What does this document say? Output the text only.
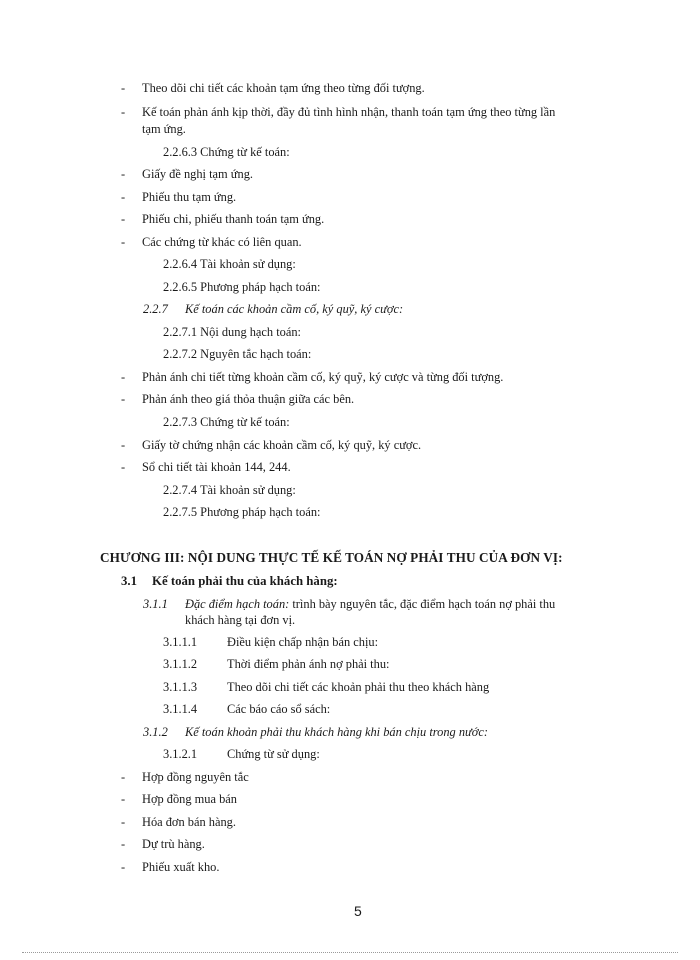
- Theo dõi chi tiết các khoản tạm ứng theo từng đối tượng.
- Kế toán phản ánh kịp thời, đầy đủ tình hình nhận, thanh toán tạm ứng theo từng lần
tạm ứng.
2.2.6.3 Chứng từ kế toán:
- Giấy đề nghị tạm ứng.
- Phiếu thu tạm ứng.
- Phiếu chi, phiếu thanh toán tạm ứng.
- Các chứng từ khác có liên quan.
2.2.6.4 Tài khoản sử dụng:
2.2.6.5 Phương pháp hạch toán:
2.2.7 Kế toán các khoản cầm cố, ký quỹ, ký cược:
2.2.7.1 Nội dung hạch toán:
2.2.7.2 Nguyên tắc hạch toán:
- Phản ánh chi tiết từng khoản cầm cố, ký quỹ, ký cược và từng đối tượng.
- Phản ánh theo giá thỏa thuận giữa các bên.
2.2.7.3 Chứng từ kế toán:
- Giấy tờ chứng nhận các khoản cầm cố, ký quỹ, ký cược.
- Sổ chi tiết tài khoản 144, 244.
2.2.7.4 Tài khoản sử dụng:
2.2.7.5 Phương pháp hạch toán:
CHƯƠNG III: NỘI DUNG THỰC TẾ KẾ TOÁN NỢ PHẢI THU CỦA ĐƠN VỊ:
3.1 Kế toán phải thu của khách hàng:
3.1.1 Đặc điểm hạch toán: trình bày nguyên tắc, đặc điểm hạch toán nợ phải thu
khách hàng tại đơn vị.
3.1.1.1 Điều kiện chấp nhận bán chịu:
3.1.1.2 Thời điểm phản ánh nợ phải thu:
3.1.1.3 Theo dõi chi tiết các khoản phải thu theo khách hàng
3.1.1.4 Các báo cáo sổ sách:
3.1.2 Kế toán khoản phải thu khách hàng khi bán chịu trong nước:
3.1.2.1 Chứng từ sử dụng:
- Hợp đồng nguyên tắc
- Hợp đồng mua bán
- Hóa đơn bán hàng.
- Dự trù hàng.
- Phiếu xuất kho.
5
